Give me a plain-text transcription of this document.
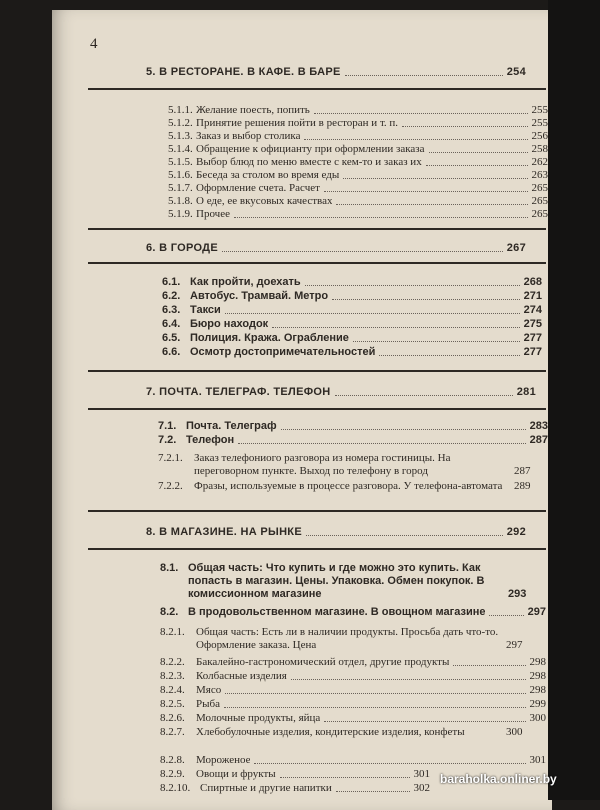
4
5. В РЕСТОРАНЕ. В КАФЕ. В БАРЕ	254
5.1.1. Желание поесть, попить	255
5.1.2. Принятие решения пойти в ресторан и т. п.	255
5.1.3. Заказ и выбор столика	256
5.1.4. Обращение к официанту при оформлении заказа	258
5.1.5. Выбор блюд по меню вместе с кем-то и заказ их	262
5.1.6. Беседа за столом во время еды	263
5.1.7. Оформление счета. Расчет	265
5.1.8. О еде, ее вкусовых качествах	265
5.1.9. Прочее	265
6. В ГОРОДЕ	267
6.1. Как пройти, доехать	268
6.2. Автобус. Трамвай. Метро	271
6.3. Такси	274
6.4. Бюро находок	275
6.5. Полиция. Кража. Ограбление	277
6.6. Осмотр достопримечательностей	277
7. ПОЧТА. ТЕЛЕГРАФ. ТЕЛЕФОН	281
7.1. Почта. Телеграф	283
7.2. Телефон	287
7.2.1.	Заказ телефониого разговора из номера гостиницы. На переговорном пункте. Выход по телефону в город	287
7.2.2.	Фразы, используемые в процессе разговора. У телефона-автомата	289
8. В МАГАЗИНЕ. НА РЫНКЕ	292
8.1. Общая часть: Что купить и где можно это купить. Как попасть в магазин. Цены. Упаковка. Обмен покупок. В комиссионном магазине	293
8.2. В продовольственном магазине. В овощном магазине	297
8.2.1.	Общая часть: Есть ли в наличии продукты. Просьба дать что-то. Оформление заказа. Цена	297
8.2.2.	Бакалейно-гастрономический отдел, другие продукты	298
8.2.3.	Колбасные изделия	298
8.2.4.	Мясо	298
8.2.5.	Рыба	299
8.2.6.	Молочные продукты, яйца	300
8.2.7.	Хлебобулочные изделия, кондитерские изделия, конфеты	300
8.2.8.	Мороженое	301
8.2.9.	Овощи и фрукты	301
8.2.10. Спиртные и другие напитки	302
baraholka.onliner.by
